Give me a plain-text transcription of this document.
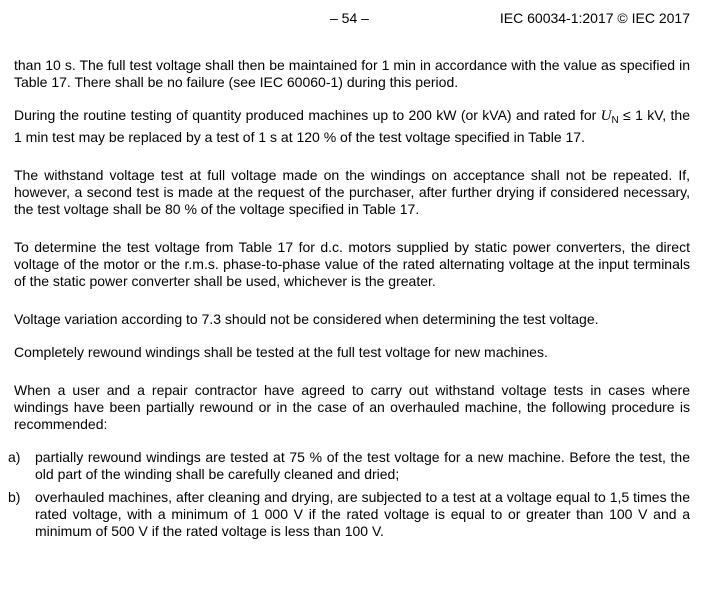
– 54 –	IEC 60034-1:2017 © IEC 2017

than 10 s. The full test voltage shall then be maintained for 1 min in accordance with the value as specified in Table 17. There shall be no failure (see IEC 60060-1) during this period.

During the routine testing of quantity produced machines up to 200 kW (or kVA) and rated for $U_N \le 1$ kV, the 1 min test may be replaced by a test of 1 s at 120 % of the test voltage specified in Table 17.

The withstand voltage test at full voltage made on the windings on acceptance shall not be repeated. If, however, a second test is made at the request of the purchaser, after further drying if considered necessary, the test voltage shall be 80 % of the voltage specified in Table 17.

To determine the test voltage from Table 17 for d.c. motors supplied by static power converters, the direct voltage of the motor or the r.m.s. phase-to-phase value of the rated alternating voltage at the input terminals of the static power converter shall be used, whichever is the greater.

Voltage variation according to 7.3 should not be considered when determining the test voltage.

Completely rewound windings shall be tested at the full test voltage for new machines.

When a user and a repair contractor have agreed to carry out withstand voltage tests in cases where windings have been partially rewound or in the case of an overhauled machine, the following procedure is recommended:

a) partially rewound windings are tested at 75 % of the test voltage for a new machine. Before the test, the old part of the winding shall be carefully cleaned and dried;
b) overhauled machines, after cleaning and drying, are subjected to a test at a voltage equal to 1,5 times the rated voltage, with a minimum of 1 000 V if the rated voltage is equal to or greater than 100 V and a minimum of 500 V if the rated voltage is less than 100 V.
